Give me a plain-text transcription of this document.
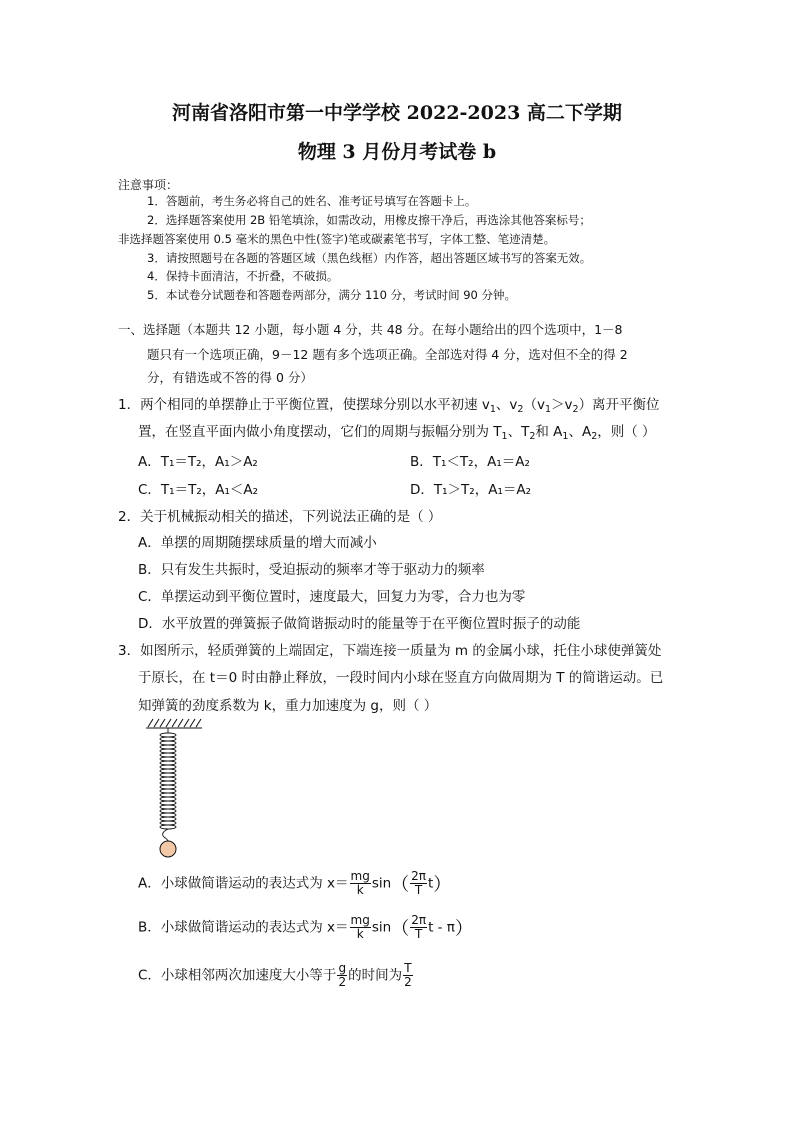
河南省洛阳市第一中学学校 2022-2023 高二下学期
物理 3 月份月考试卷 b
注意事项：
1．答题前，考生务必将自己的姓名、准考证号填写在答题卡上。
2．选择题答案使用 2B 铅笔填涂，如需改动，用橡皮擦干净后，再选涂其他答案标号；
非选择题答案使用 0.5 毫米的黑色中性(签字)笔或碳素笔书写，字体工整、笔迹清楚。
3．请按照题号在各题的答题区域（黑色线框）内作答，超出答题区域书写的答案无效。
4．保持卡面清洁，不折叠，不破损。
5．本试卷分试题卷和答题卷两部分，满分 110 分，考试时间 90 分钟。
一、选择题（本题共 12 小题，每小题 4 分，共 48 分。在每小题给出的四个选项中，1－8
题只有一个选项正确，9－12 题有多个选项正确。全部选对得 4 分，选对但不全的得 2
分，有错选或不答的得 0 分）
1．两个相同的单摆静止于平衡位置，使摆球分别以水平初速 $v_1$、$v_2(v_1>v_2)$离开平衡位
置，在竖直平面内做小角度摆动，它们的周期与振幅分别为 $T_1$、$T_2$和 $A_1$、$A_2$，则（ ）
A．T₁＝T₂，A₁＞A₂	B．T₁＜T₂，A₁＝A₂
C．T₁＝T₂，A₁＜A₂	D．T₁＞T₂，A₁＝A₂
2．关于机械振动相关的描述，下列说法正确的是（ ）
A．单摆的周期随摆球质量的增大而减小
B．只有发生共振时，受迫振动的频率才等于驱动力的频率
C．单摆运动到平衡位置时，速度最大，回复力为零，合力也为零
D．水平放置的弹簧振子做简谐振动时的能量等于在平衡位置时振子的动能
3．如图所示，轻质弹簧的上端固定，下端连接一质量为 m 的金属小球，托住小球使弹簧处
于原长，在 t＝0 时由静止释放，一段时间内小球在竖直方向做周期为 T 的简谐运动。已
知弹簧的劲度系数为 k，重力加速度为 g，则（ ）
A．小球做简谐运动的表达式为 $x= \frac{mg}{k} \sin( \frac{2\pi}{T} t)$
B．小球做简谐运动的表达式为 $x= \frac{mg}{k} \sin( \frac{2\pi}{T}$ t - π）
C．小球相邻两次加速度大小等于 $\frac{g}{2}$ 的时间为 $\frac{T}{2}$
